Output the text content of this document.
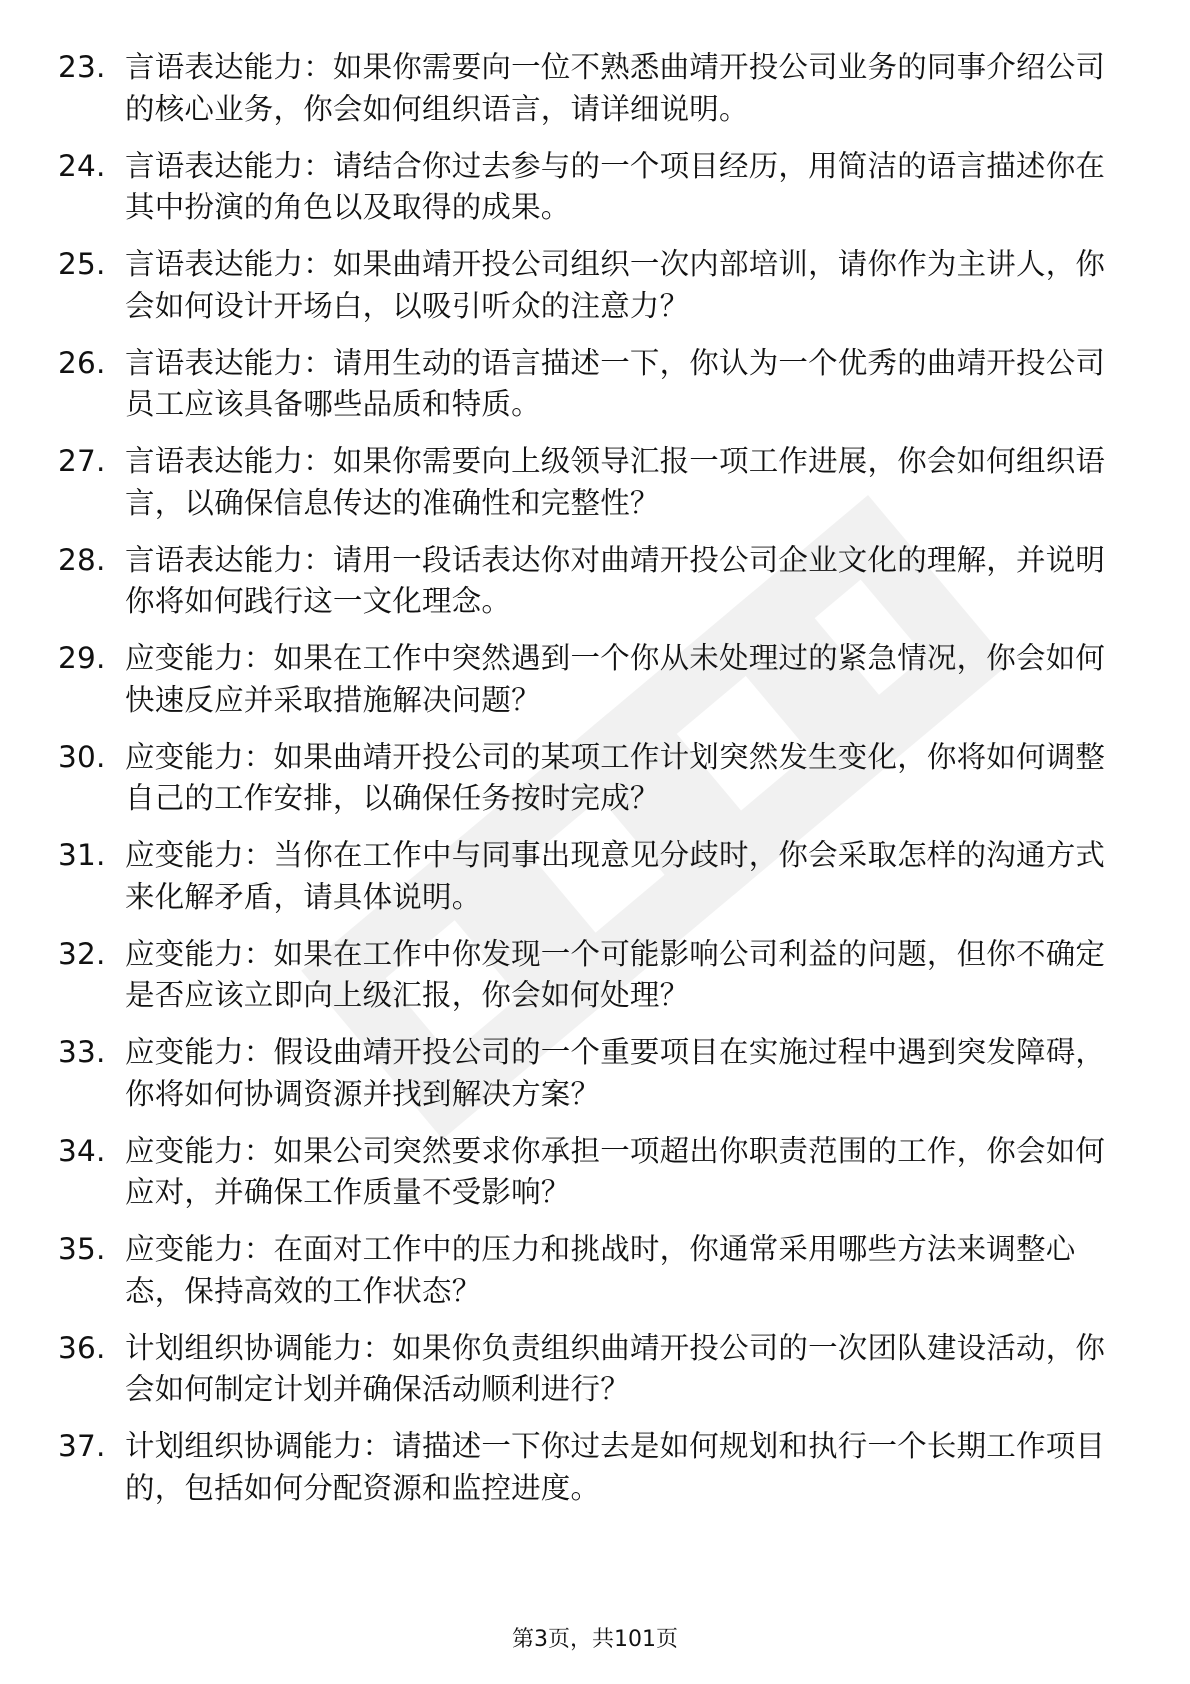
23. 言语表达能力：如果你需要向一位不熟悉曲靖开投公司业务的同事介绍公司的核心业务，你会如何组织语言，请详细说明。
24. 言语表达能力：请结合你过去参与的一个项目经历，用简洁的语言描述你在其中扮演的角色以及取得的成果。
25. 言语表达能力：如果曲靖开投公司组织一次内部培训，请你作为主讲人，你会如何设计开场白，以吸引听众的注意力？
26. 言语表达能力：请用生动的语言描述一下，你认为一个优秀的曲靖开投公司员工应该具备哪些品质和特质。
27. 言语表达能力：如果你需要向上级领导汇报一项工作进展，你会如何组织语言，以确保信息传达的准确性和完整性？
28. 言语表达能力：请用一段话表达你对曲靖开投公司企业文化的理解，并说明你将如何践行这一文化理念。
29. 应变能力：如果在工作中突然遇到一个你从未处理过的紧急情况，你会如何快速反应并采取措施解决问题？
30. 应变能力：如果曲靖开投公司的某项工作计划突然发生变化，你将如何调整自己的工作安排，以确保任务按时完成？
31. 应变能力：当你在工作中与同事出现意见分歧时，你会采取怎样的沟通方式来化解矛盾，请具体说明。
32. 应变能力：如果在工作中你发现一个可能影响公司利益的问题，但你不确定是否应该立即向上级汇报，你会如何处理？
33. 应变能力：假设曲靖开投公司的一个重要项目在实施过程中遇到突发障碍，你将如何协调资源并找到解决方案？
34. 应变能力：如果公司突然要求你承担一项超出你职责范围的工作，你会如何应对，并确保工作质量不受影响？
35. 应变能力：在面对工作中的压力和挑战时，你通常采用哪些方法来调整心态，保持高效的工作状态？
36. 计划组织协调能力：如果你负责组织曲靖开投公司的一次团队建设活动，你会如何制定计划并确保活动顺利进行？
37. 计划组织协调能力：请描述一下你过去是如何规划和执行一个长期工作项目的，包括如何分配资源和监控进度。
第3页，共101页
